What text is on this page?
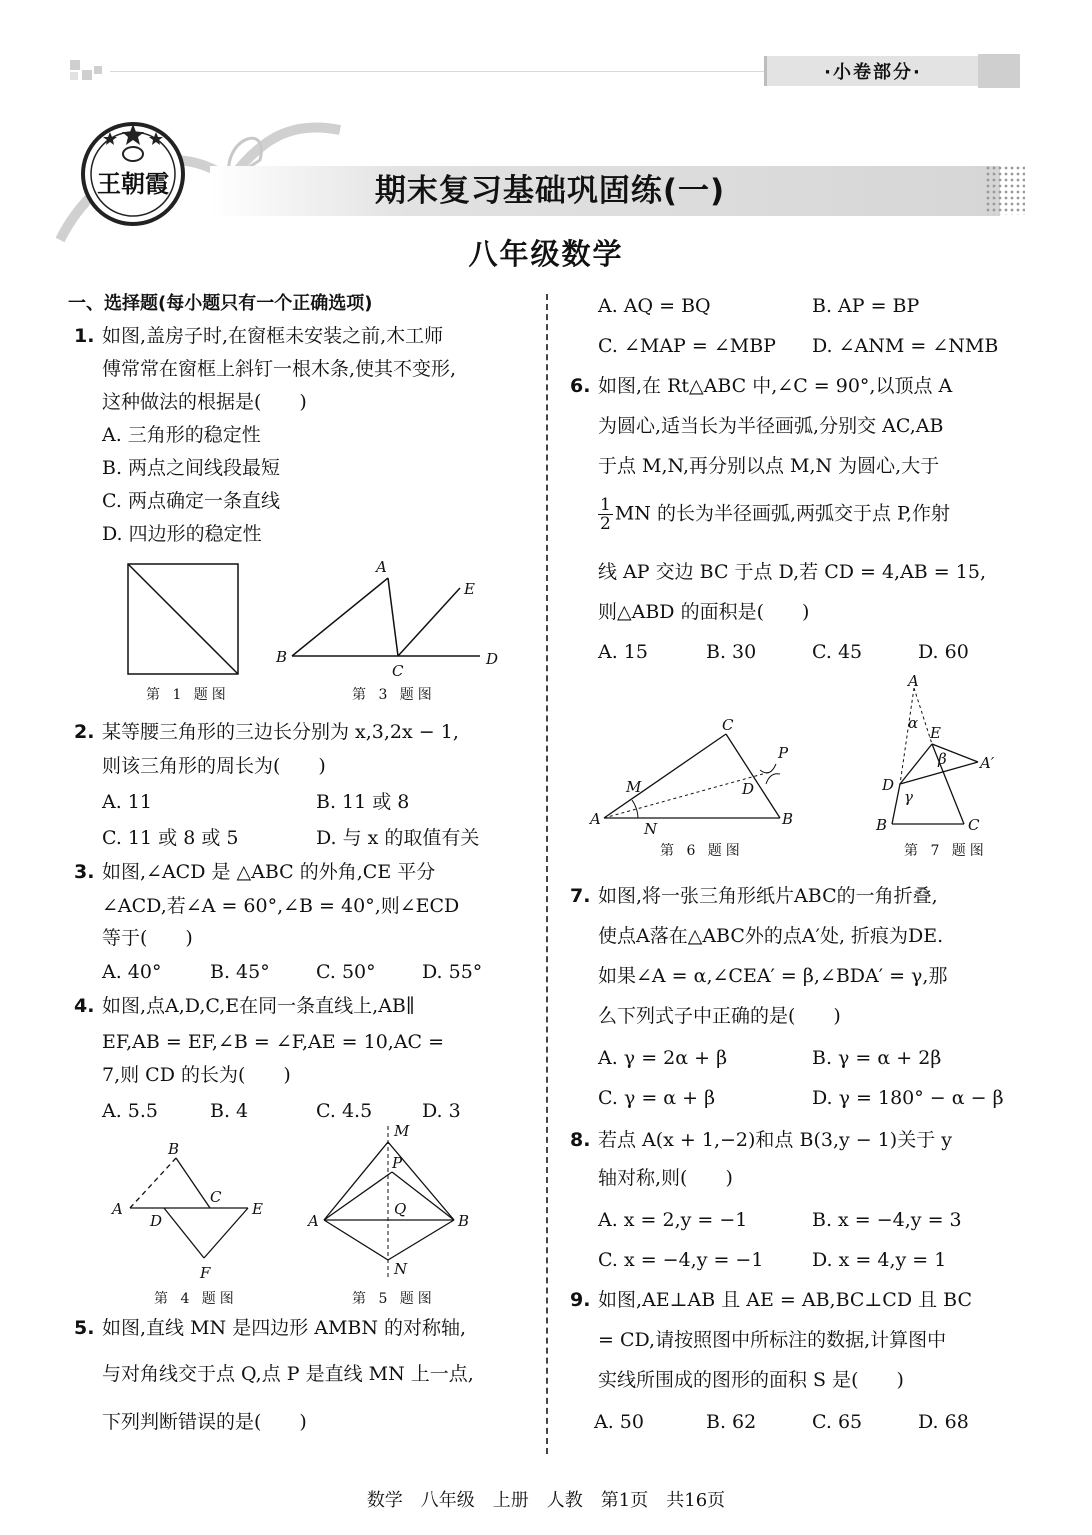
·小卷部分·
王朝霞	期末复习基础巩固练(一)
八年级数学
一、选择题(每小题只有一个正确选项)
1. 如图,盖房子时,在窗框未安装之前,木工师
傅常常在窗框上斜钉一根木条,使其不变形,
这种做法的根据是(　　)
A. 三角形的稳定性
B. 两点之间线段最短
C. 两点确定一条直线
D. 四边形的稳定性
第 1 题图
A
B
C
D
E
第 3 题图
2. 某等腰三角形的三边长分别为 x,3,2x − 1,
则该三角形的周长为(　　)
A. 11	B. 11 或 8
C. 11 或 8 或 5	D. 与 x 的取值有关
3. 如图,∠ACD 是 △ABC 的外角,CE 平分
∠ACD,若∠A = 60°,∠B = 40°,则∠ECD
等于(　　)
A. 40°	B. 45° C. 50° D. 55°
4. 如图,点A,D,C,E在同一条直线上,AB∥
EF,AB = EF,∠B = ∠F,AE = 10,AC =
7,则 CD 的长为(　　)
A. 5.5	B. 4	C. 4.5	D. 3
B
C
A
D
E
F
第 4 题图
M
P
Q
A	B
N
第 5 题图
5. 如图,直线 MN 是四边形 AMBN 的对称轴,
与对角线交于点 Q,点 P 是直线 MN 上一点,
下列判断错误的是(　　)
A. AQ = BQ	B. AP = BP
C. ∠MAP = ∠MBP D. ∠ANM = ∠NMB
6. 如图,在 Rt△ABC 中,∠C = 90°,以顶点 A
为圆心,适当长为半径画弧,分别交 AC,AB
于点 M,N,再分别以点 M,N 为圆心,大于
$\frac{1}{2}$ MN 的长为半径画弧,两弧交于点 P,作射
线 AP 交边 BC 于点 D,若 CD = 4,AB = 15,
则△ABD 的面积是(　　)
A. 15	B. 30	C. 45	D. 60
C
P
M	D
A
N
B
第 6 题图
A
α
E
β A′
D
γ
B	C
第 7 题图
7. 如图,将一张三角形纸片ABC的一角折叠,
使点A落在△ABC外的点A′处, 折痕为DE.
如果∠A = α,∠CEA′ = β,∠BDA′ = γ,那
么下列式子中正确的是(　　)
A. γ = 2α + β	B. γ = α + 2β
C. γ = α + β	D. γ = 180° − α − β
8. 若点 A(x + 1,−2)和点 B(3,y − 1)关于 y
轴对称,则(　　)
A. x = 2,y = −1	B. x = −4,y = 3
C. x = −4,y = −1	D. x = 4,y = 1
9. 如图,AE⊥AB 且 AE = AB,BC⊥CD 且 BC
= CD,请按照图中所标注的数据,计算图中
实线所围成的图形的面积 S 是(　　)
A. 50	B. 62	C. 65	D. 68
数学　八年级　上册　人教　第1页　共16页
